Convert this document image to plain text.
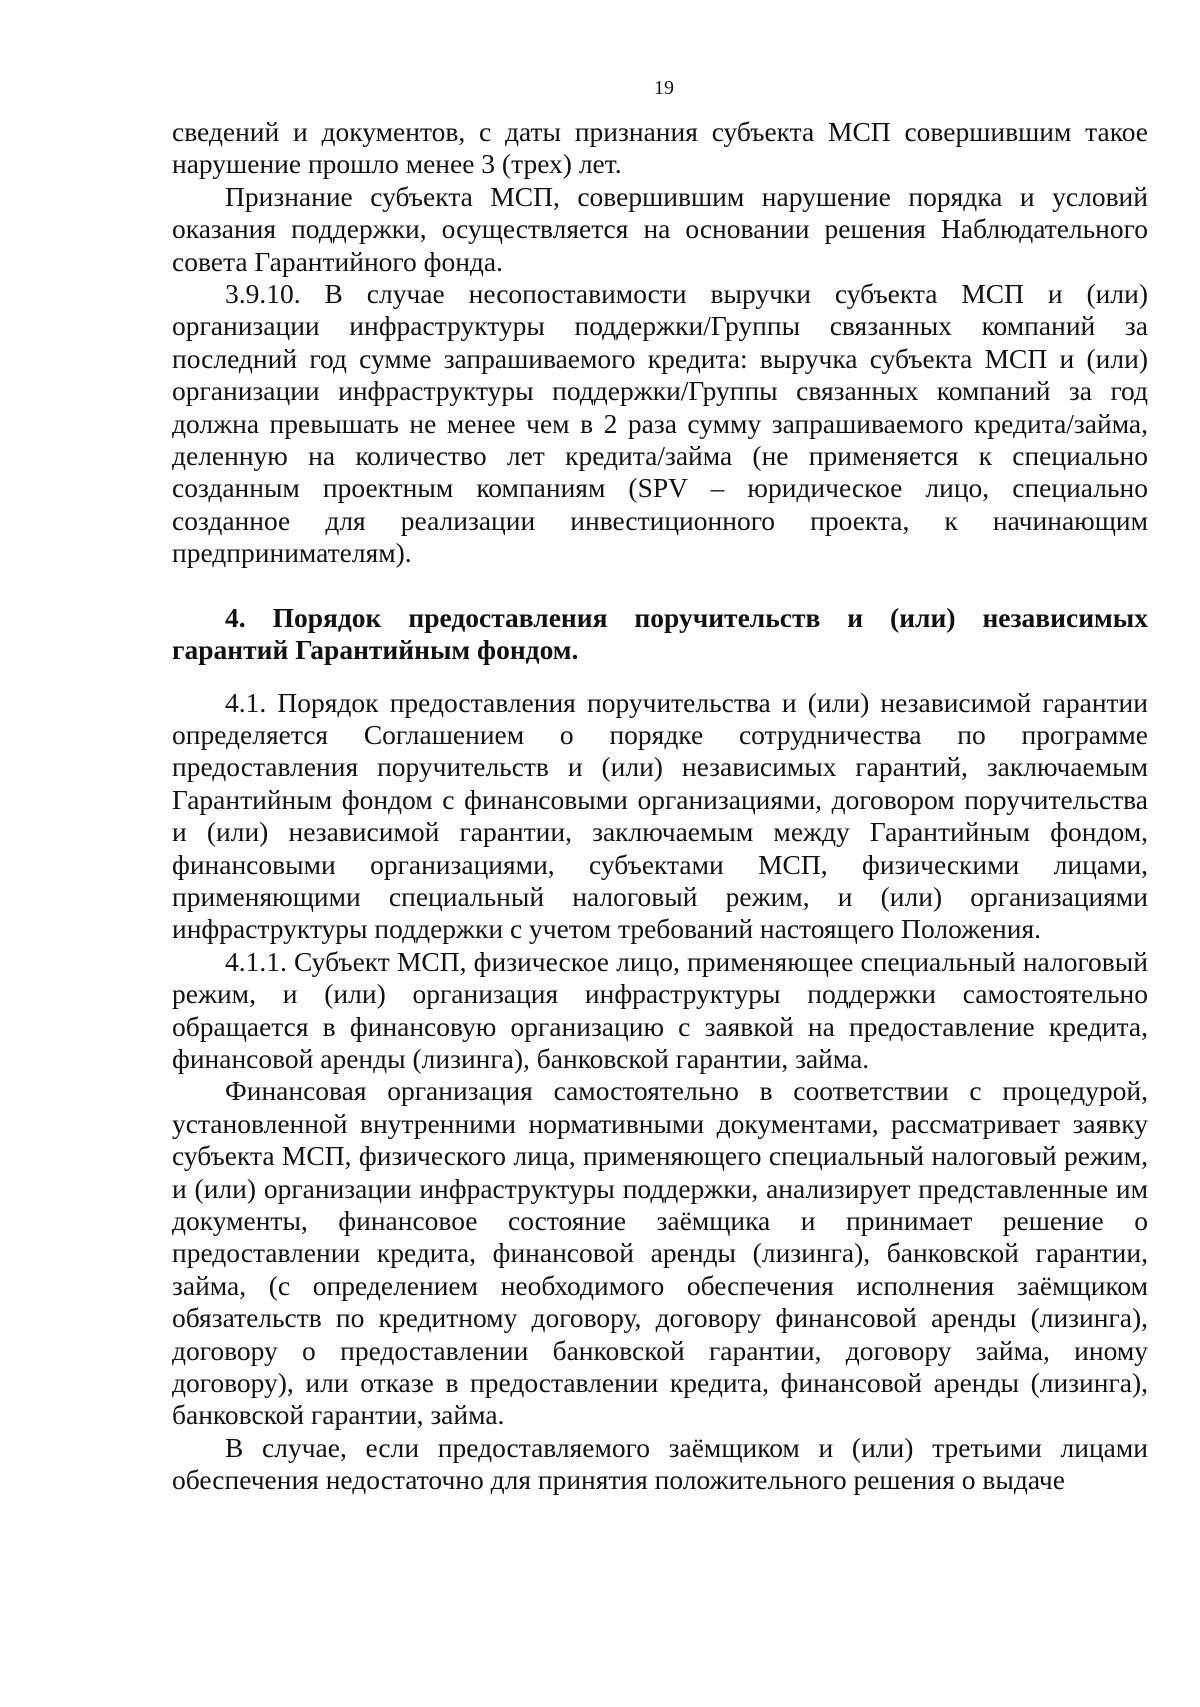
19

сведений и документов, с даты признания субъекта МСП совершившим такое нарушение прошло менее 3 (трех) лет.

Признание субъекта МСП, совершившим нарушение порядка и условий оказания поддержки, осуществляется на основании решения Наблюдательного совета Гарантийного фонда.

3.9.10. В случае несопоставимости выручки субъекта МСП и (или) организации инфраструктуры поддержки/Группы связанных компаний за последний год сумме запрашиваемого кредита: выручка субъекта МСП и (или) организации инфраструктуры поддержки/Группы связанных компаний за год должна превышать не менее чем в 2 раза сумму запрашиваемого кредита/займа, деленную на количество лет кредита/займа (не применяется к специально созданным проектным компаниям (SPV – юридическое лицо, специально созданное для реализации инвестиционного проекта, к начинающим предпринимателям).

4. Порядок предоставления поручительств и (или) независимых гарантий Гарантийным фондом.

4.1. Порядок предоставления поручительства и (или) независимой гарантии определяется Соглашением о порядке сотрудничества по программе предоставления поручительств и (или) независимых гарантий, заключаемым Гарантийным фондом с финансовыми организациями, договором поручительства и (или) независимой гарантии, заключаемым между Гарантийным фондом, финансовыми организациями, субъектами МСП, физическими лицами, применяющими специальный налоговый режим, и (или) организациями инфраструктуры поддержки с учетом требований настоящего Положения.

4.1.1. Субъект МСП, физическое лицо, применяющее специальный налоговый режим, и (или) организация инфраструктуры поддержки самостоятельно обращается в финансовую организацию с заявкой на предоставление кредита, финансовой аренды (лизинга), банковской гарантии, займа.

Финансовая организация самостоятельно в соответствии с процедурой, установленной внутренними нормативными документами, рассматривает заявку субъекта МСП, физического лица, применяющего специальный налоговый режим, и (или) организации инфраструктуры поддержки, анализирует представленные им документы, финансовое состояние заёмщика и принимает решение о предоставлении кредита, финансовой аренды (лизинга), банковской гарантии, займа, (с определением необходимого обеспечения исполнения заёмщиком обязательств по кредитному договору, договору финансовой аренды (лизинга), договору о предоставлении банковской гарантии, договору займа, иному договору), или отказе в предоставлении кредита, финансовой аренды (лизинга), банковской гарантии, займа.

В случае, если предоставляемого заёмщиком и (или) третьими лицами обеспечения недостаточно для принятия положительного решения о выдаче
